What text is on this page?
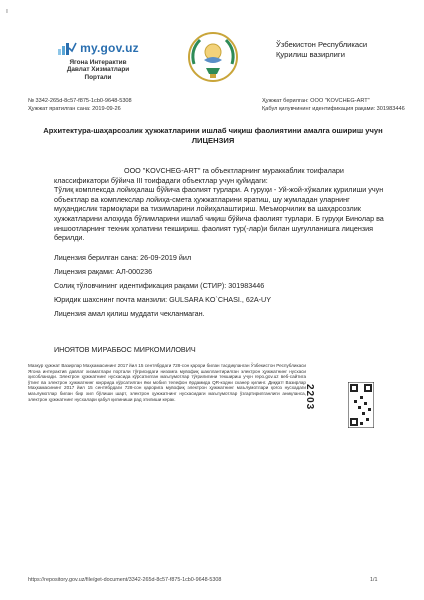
ı
my.gov.uz
Ягона Интерактив
Давлат Хизматлари
Портали
Ўзбекистон Республикаси
Қурилиш вазирлиги
№ 3342-265d-8c57-f875-1cb0-9648-5308
Ҳужжат яратилган сана: 2019-09-26
Ҳужжат берилган: ООО "KOVCHEG-ART"
Қабул қилувчининг идентификация рақами: 301983446
Архитектура-шаҳарсозлик ҳужжатларини ишлаб чиқиш фаолиятини амалга ошириш учун
ЛИЦЕНЗИЯ

ООО "KOVCHEG-ART" га объектларнинг мураккаблик тоифалари классификатори бўйича III тоифадаги объектлар учун қуйидаги:

Тўлиқ комплексда лойиҳалаш бўйича фаолият турлари. А гуруҳи - Уй-жой-хўжалик қурилиши учун объектлар ва комплекслар лойиҳа-смета ҳужжатларини яратиш, шу жумладан уларнинг муҳандислик тармоқлари ва тизимларини лойиҳалаштириш. Меъморчилик ва шаҳарсозлик ҳужжатларини алоҳида бўлимларини ишлаб чиқиш бўйича фаолият турлари. Б гуруҳи Бинолар ва иншоотларнинг техник ҳолатини текшириш. фаолият тур(-лар)и билан шуғулланишга лицензия берилди.

Лицензия берилган сана: 26-09-2019 йил
Лицензия рақами: АЛ-000236
Солиқ тўловчининг идентификация рақами (СТИР): 301983446
Юридик шахснинг почта манзили: GULSARA KO`CHASI., 62A-UY
Лицензия амал қилиш муддати чекланмаган.
ИНОЯТОВ МИРАББОС МИРКОМИЛОВИЧ
Мазкур ҳужжат Вазирлар Маҳкамасининг 2017 йил 15 сентябрдаги 728-сон қарори билан тасдиқланган Ўзбекистон Республикаси Ягона интерактив давлат хизматлари портали тўғрисидаги низомга мувофиқ шакллантирилган электрон ҳужжатнинг нусхаси ҳисобланади. Электрон ҳужжатнинг нусхасида кўрсатилган маълумотлар тўғрилигини текшириш учун repo.gov.uz веб-сайтига ўтинг ва электрон ҳужжатнинг юқорида кўрсатилган ёки мобил телефон ёрдамида QR-кодни сканер қилинг. Диққат! Вазирлар Маҳкамасининг 2017 йил 15 сентябрдаги 728-сон қарорига мувофиқ электрон ҳужжатнинг маълумотлари қоғоз нусхадаги маълумотлар билан бир хил бўлиши шарт, электрон ҳужжатнинг нусхасидаги маълумотлар ўзгартирилганлиги аниқланса, электрон ҳужжатнинг нусхалари қабул қилиниши рад этилиши керак.	2203
https://repository.gov.uz/file/get-document/3342-265d-8c57-f875-1cb0-9648-5308	1/1
